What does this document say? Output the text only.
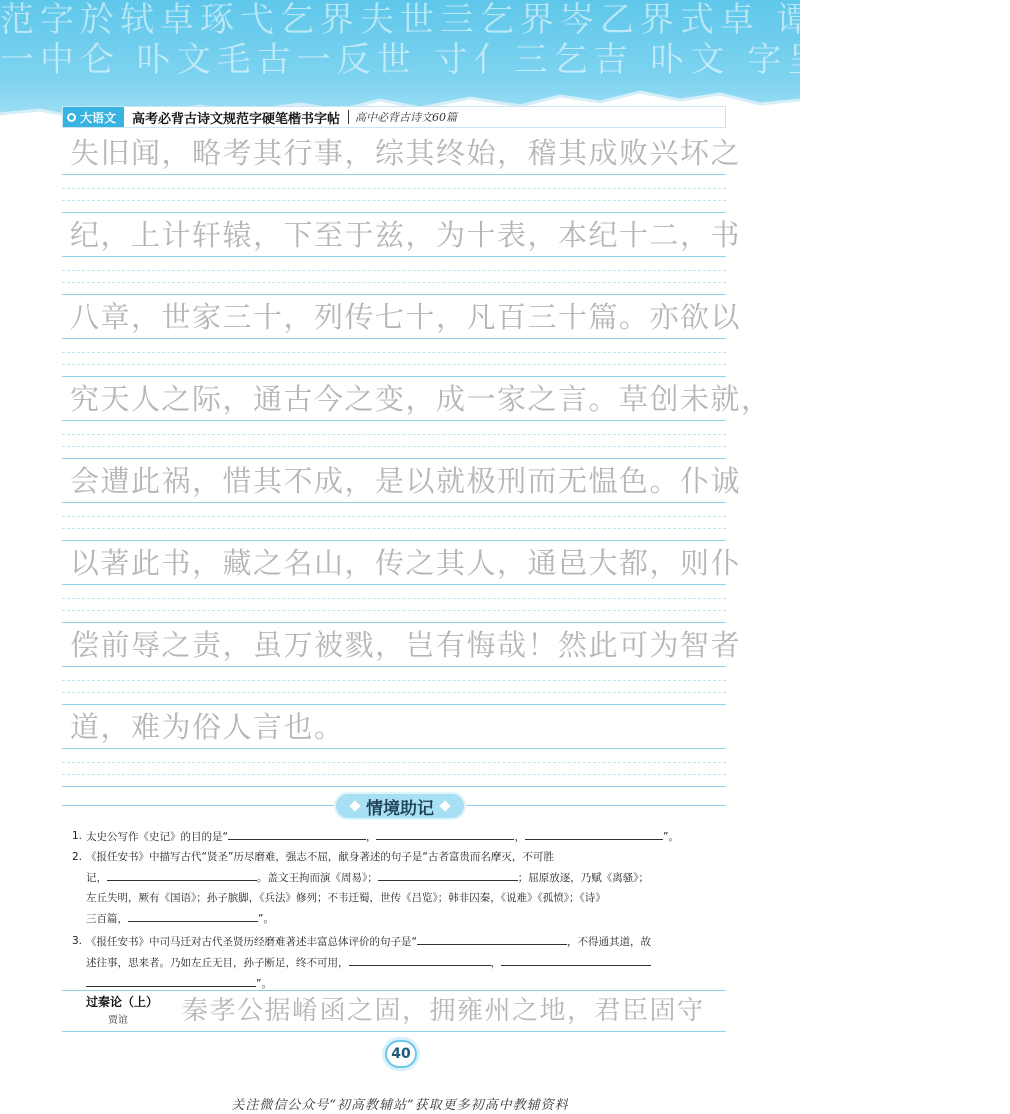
范字於轼卓琢弋乞界夫世亖乞界岑乙界式卓 谭世 反世 字
一中仑 卟文毛古一反世 寸亻三乞吉 卟文 字呈 中卟 汞
大语文	高考必背古诗文规范字硬笔楷书字帖	高中必背古诗文60篇
失旧闻，略考其行事，综其终始，稽其成败兴坏之
纪，上计轩辕，下至于兹，为十表，本纪十二，书
八章，世家三十，列传七十，凡百三十篇。亦欲以
究天人之际，通古今之变，成一家之言。草创未就，
会遭此祸，惜其不成，是以就极刑而无愠色。仆诚
以著此书，藏之名山，传之其人，通邑大都，则仆
偿前辱之责，虽万被戮，岂有悔哉！然此可为智者
道，难为俗人言也。
情境助记
1. 太史公写作《史记》的目的是“	，	，	”。
2. 《报任安书》中描写古代“贤圣”历尽磨难，强志不屈，献身著述的句子是“古者富贵而名摩灭，不可胜
记，	。盖文王拘而演《周易》；	；屈原放逐，乃赋《离骚》；
左丘失明，厥有《国语》；孙子膑脚，《兵法》修列；不韦迁蜀，世传《吕览》；韩非囚秦，《说难》《孤愤》；《诗》
三百篇，	”。
3. 《报任安书》中司马迁对古代圣贤历经磨难著述丰富总体评价的句子是“	，不得通其道，故
述往事，思来者。乃如左丘无目，孙子断足，终不可用，	，
”。
过秦论（上）
贾谊 秦孝公据崤函之固，拥雍州之地，君臣固守
40
关注微信公众号“初高教辅站”获取更多初高中教辅资料
